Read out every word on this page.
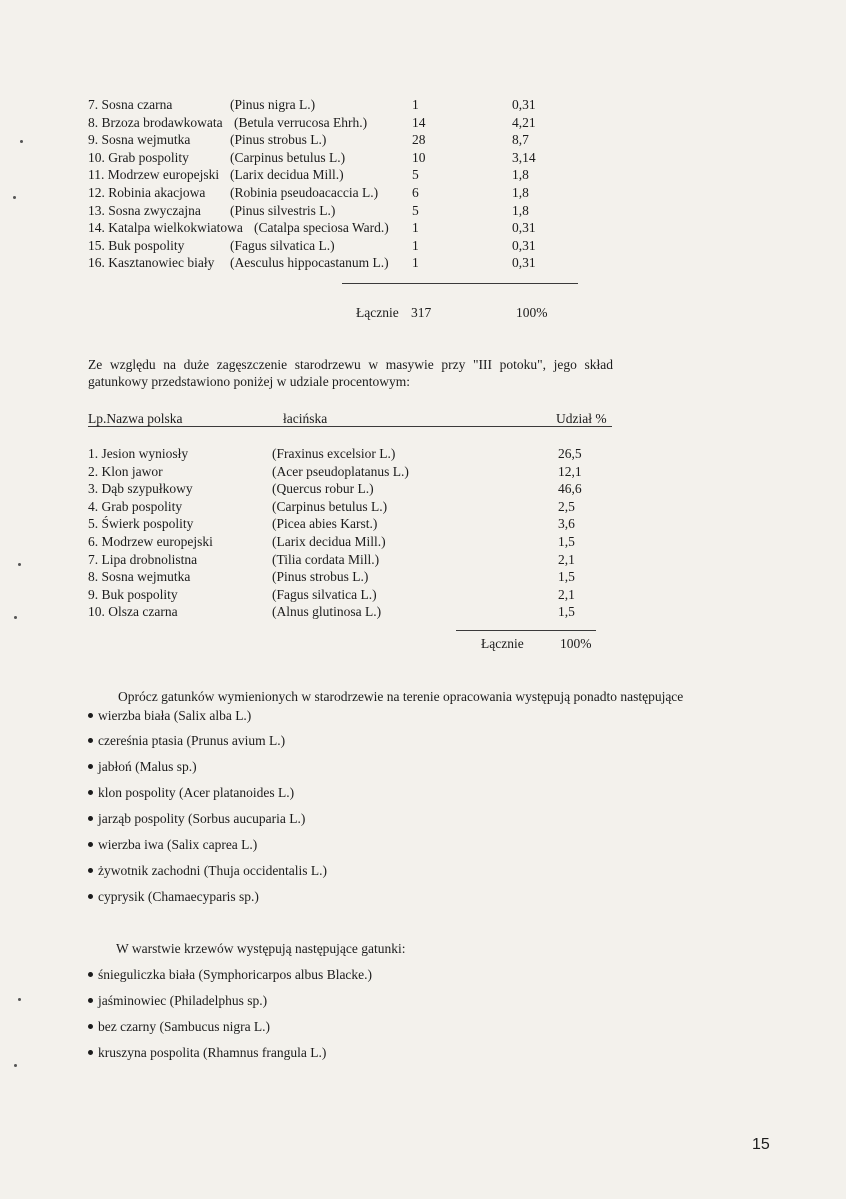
7. Sosna czarna	(Pinus nigra L.)	1	0,31
8. Brzoza brodawkowata (Betula verrucosa Ehrh.)	14	4,21
9. Sosna wejmutka	(Pinus strobus L.)	28	8,7
10. Grab pospolity	(Carpinus betulus L.)	10	3,14
11. Modrzew europejski (Larix decidua Mill.)	5	1,8
12. Robinia akacjowa (Robinia pseudoacaccia L.)	6	1,8
13. Sosna zwyczajna (Pinus silvestris L.)	5	1,8
14. Katalpa wielkokwiatowa (Catalpa speciosa Ward.) 1	0,31
15. Buk pospolity	(Fagus silvatica L.)	1	0,31
16. Kasztanowiec biały (Aesculus hippocastanum L.) 1	0,31
Łącznie 317	100%
Ze względu na duże zagęszczenie starodrzewu w masywie przy "III potoku", jego skład gatunkowy przedstawiono poniżej w udziale procentowym:
Lp.Nazwa polska	łacińska	Udział %
1. Jesion wyniosły	(Fraxinus excelsior L.)	26,5
2. Klon jawor	(Acer pseudoplatanus L.)	12,1
3. Dąb szypułkowy	(Quercus robur L.)	46,6
4. Grab pospolity	(Carpinus betulus L.)	2,5
5. Świerk pospolity	(Picea abies Karst.)	3,6
6. Modrzew europejski	(Larix decidua Mill.)	1,5
7. Lipa drobnolistna	(Tilia cordata Mill.)	2,1
8. Sosna wejmutka	(Pinus strobus L.)	1,5
9. Buk pospolity	(Fagus silvatica L.)	2,1
10. Olsza czarna	(Alnus glutinosa L.)	1,5
Łącznie	100%
Oprócz gatunków wymienionych w starodrzewie na terenie opracowania występują ponadto następujące
wierzba biała (Salix alba L.)
czereśnia ptasia (Prunus avium L.)
jabłoń (Malus sp.)
klon pospolity (Acer platanoides L.)
jarząb pospolity (Sorbus aucuparia L.)
wierzba iwa (Salix caprea L.)
żywotnik zachodni (Thuja occidentalis L.)
cyprysik (Chamaecyparis sp.)
W warstwie krzewów występują następujące gatunki:
śnieguliczka biała (Symphoricarpos albus Blacke.)
jaśminowiec (Philadelphus sp.)
bez czarny (Sambucus nigra L.)
kruszyna pospolita (Rhamnus frangula L.)
15
